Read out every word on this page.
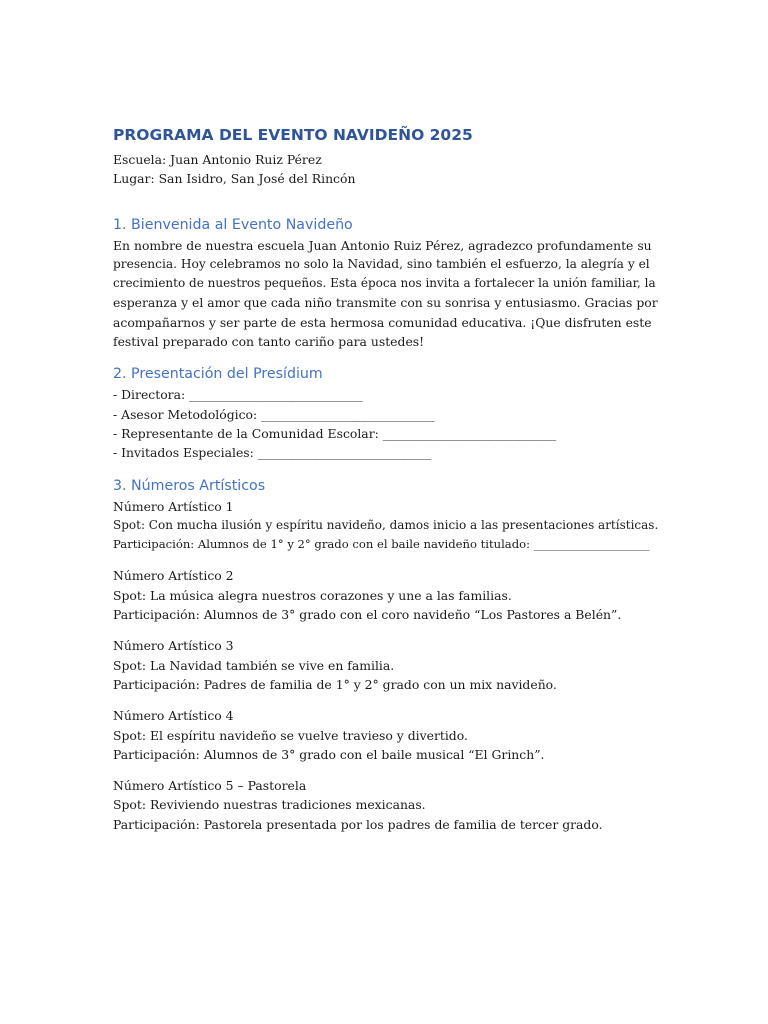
PROGRAMA DEL EVENTO NAVIDEÑO 2025

Escuela: Juan Antonio Ruiz Pérez

Lugar: San Isidro, San José del Rincón

1. Bienvenida al Evento Navideño
En nombre de nuestra escuela Juan Antonio Ruiz Pérez, agradezco profundamente su
presencia. Hoy celebramos no solo la Navidad, sino también el esfuerzo, la alegría y el
crecimiento de nuestros pequeños. Esta época nos invita a fortalecer la unión familiar, la
esperanza y el amor que cada niño transmite con su sonrisa y entusiasmo. Gracias por
acompañarnos y ser parte de esta hermosa comunidad educativa. ¡Que disfruten este
festival preparado con tanto cariño para ustedes!
2. Presentación del Presídium

- Directora: ____________________________

- Asesor Metodológico: ____________________________

- Representante de la Comunidad Escolar: ____________________________

- Invitados Especiales: ____________________________

3. Números Artísticos

Número Artístico 1

Spot: Con mucha ilusión y espíritu navideño, damos inicio a las presentaciones artísticas.

Participación: Alumnos de 1° y 2° grado con el baile navideño titulado: ____________________

Número Artístico 2

Spot: La música alegra nuestros corazones y une a las familias.

Participación: Alumnos de 3° grado con el coro navideño “Los Pastores a Belén”.

Número Artístico 3

Spot: La Navidad también se vive en familia.

Participación: Padres de familia de 1° y 2° grado con un mix navideño.

Número Artístico 4

Spot: El espíritu navideño se vuelve travieso y divertido.

Participación: Alumnos de 3° grado con el baile musical “El Grinch”.

Número Artístico 5 – Pastorela

Spot: Reviviendo nuestras tradiciones mexicanas.

Participación: Pastorela presentada por los padres de familia de tercer grado.
